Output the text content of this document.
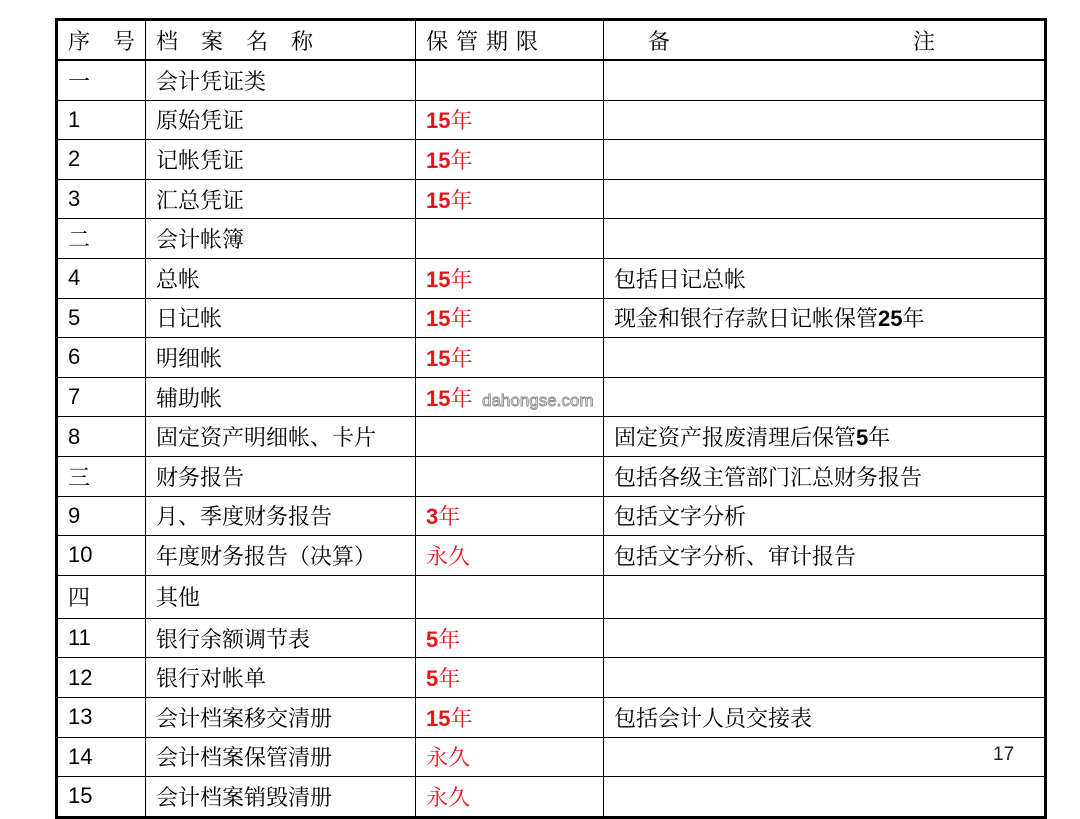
序 号	档 案 名 称	保管期限	备 注
一	会计凭证类		
1	原始凭证	15年	
2	记帐凭证	15年	
3	汇总凭证	15年	
二	会计帐簿		
4	总帐	15年	包括日记总帐
5	日记帐	15年	现金和银行存款日记帐保管25年
6	明细帐	15年	
7	辅助帐	15年	
8	固定资产明细帐、卡片		固定资产报废清理后保管5年
三	财务报告		包括各级主管部门汇总财务报告
9	月、季度财务报告	3年	包括文字分析
10	年度财务报告（决算）	永久	包括文字分析、审计报告
四	其他		
11	银行余额调节表	5年	
12	银行对帐单	5年	
13	会计档案移交清册	15年	包括会计人员交接表
14	会计档案保管清册	永久	
15	会计档案销毁清册	永久	
dahongse.com
17
